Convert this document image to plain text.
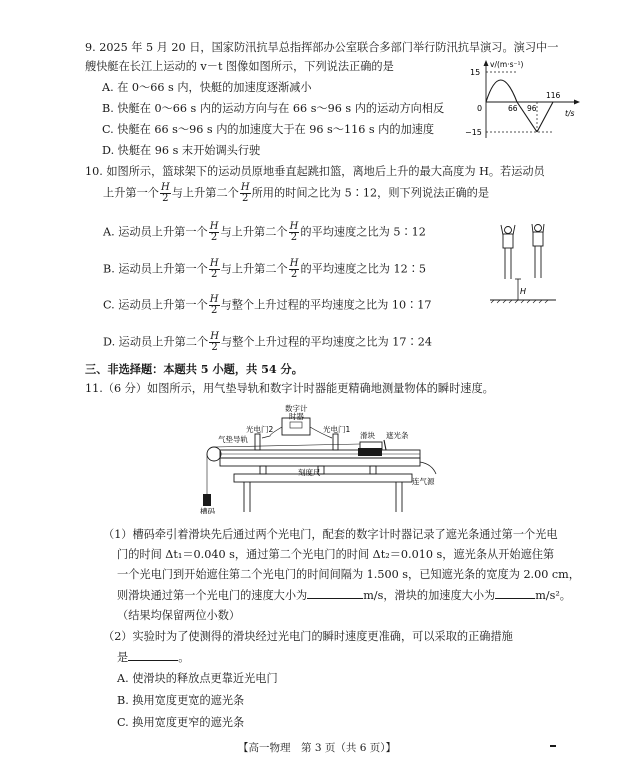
9. 2025 年 5 月 20 日，国家防汛抗旱总指挥部办公室联合多部门举行防汛抗旱演习。演习中一
艘快艇在长江上运动的 v－t 图像如图所示，下列说法正确的是
A. 在 0～66 s 内，快艇的加速度逐渐减小
B. 快艇在 0～66 s 内的运动方向与在 66 s～96 s 内的运动方向相反
C. 快艇在 66 s～96 s 内的加速度大于在 96 s～116 s 内的加速度
D. 快艇在 96 s 末开始调头行驶
v/(m·s⁻¹)
15
−15
0	66 96
116
t/s
10. 如图所示，篮球架下的运动员原地垂直起跳扣篮，离地后上升的最大高度为 H。若运动员
上升第一个 $\frac{H}{2}$ 与上升第二个 $\frac{H}{2}$ 所用的时间之比为 5∶12，则下列说法正确的是
A. 运动员上升第一个 $\frac{H}{2}$ 与上升第二个 $\frac{H}{2}$ 的平均速度之比为 5∶12
B. 运动员上升第一个 $\frac{H}{2}$ 与上升第二个 $\frac{H}{2}$ 的平均速度之比为 12∶5
C. 运动员上升第一个 $\frac{H}{2}$ 与整个上升过程的平均速度之比为 10∶17
D. 运动员上升第二个 $\frac{H}{2}$ 与整个上升过程的平均速度之比为 17∶24
H
三、非选择题：本题共 5 小题，共 54 分。
11.（6 分）如图所示，用气垫导轨和数字计时器能更精确地测量物体的瞬时速度。
数字计
时器
光电门2	光电门1
气垫导轨	滑块 遮光条
刻度尺
连气源
槽码
（1）槽码牵引着滑块先后通过两个光电门，配套的数字计时器记录了遮光条通过第一个光电
门的时间 Δt₁＝0.040 s，通过第二个光电门的时间 Δt₂＝0.010 s，遮光条从开始遮住第
一个光电门到开始遮住第二个光电门的时间间隔为 1.500 s，已知遮光条的宽度为 2.00 cm，
则滑块通过第一个光电门的速度大小为	m/s，滑块的加速度大小为	m/s²。
（结果均保留两位小数）
（2）实验时为了使测得的滑块经过光电门的瞬时速度更准确，可以采取的正确措施
是	。
A. 使滑块的释放点更靠近光电门
B. 换用宽度更宽的遮光条
C. 换用宽度更窄的遮光条
【高一物理　第 3 页（共 6 页）】
